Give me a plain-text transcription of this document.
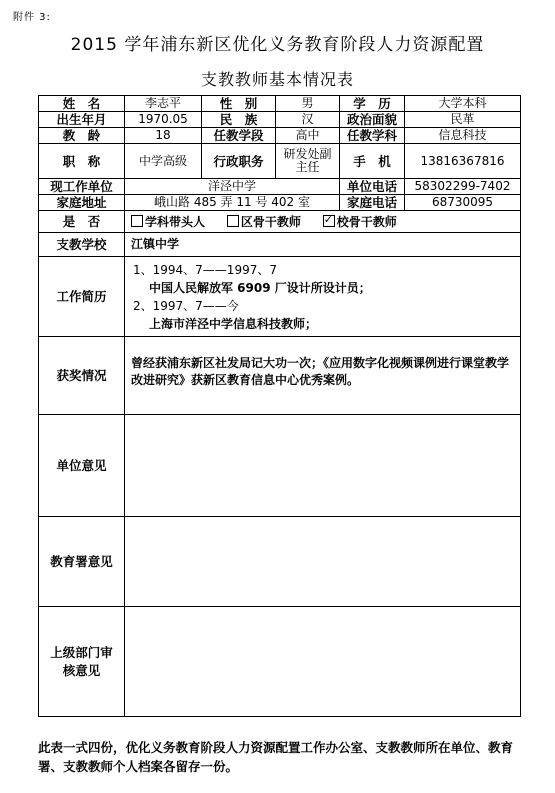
附件 3:
2015 学年浦东新区优化义务教育阶段人力资源配置
支教教师基本情况表
姓　名	李志平	性　别	男	学　历	大学本科
出生年月	1970.05	民　族	汉	政治面貌	民革
教　龄	18	任教学段	高中	任教学科	信息科技
职　称	中学高级	行政职务	研发处副主任	手　机	13816367816
现工作单位	洋泾中学			单位电话	58302299-7402
家庭地址	峨山路 485 弄 11 号 402 室			家庭电话	68730095
是　否	学科带头人 区骨干教师 ✓ 校骨干教师
支教学校	江镇中学				
工作简历	1、1994、7——1997、7
中国人民解放军 6909 厂设计所设计员；
2、1997、7——今
上海市洋泾中学信息科技教师；				

获奖情况	曾经获浦东新区社发局记大功一次；《应用数字化视频课例进行课堂教学改进研究》获新区教育信息中心优秀案例。				

单位意见	

教育署意见	

上级部门审核意见

此表一式四份，优化义务教育阶段人力资源配置工作办公室、支教教师所在单位、教育署、支教教师个人档案各留存一份。
